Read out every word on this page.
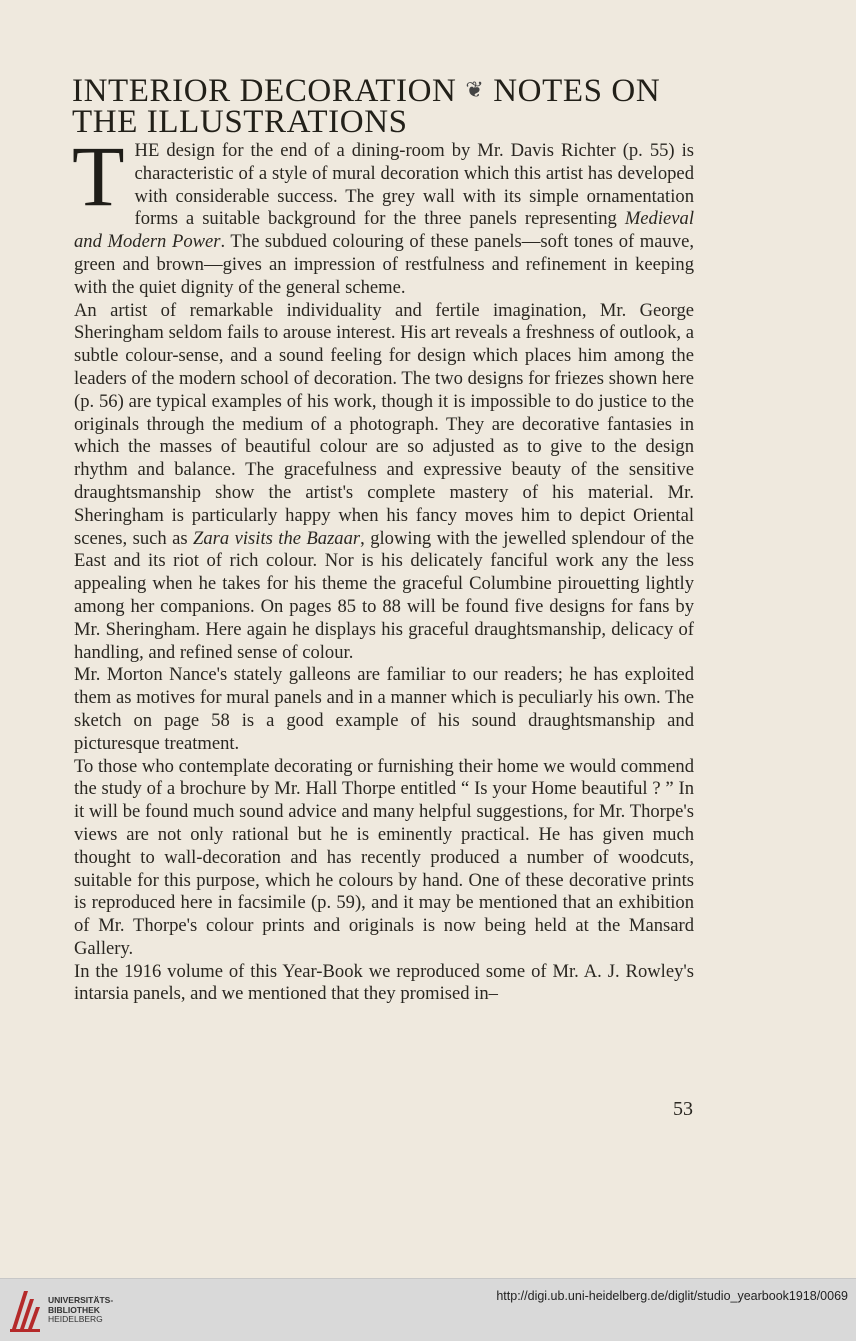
INTERIOR DECORATION ❦ NOTES ON THE ILLUSTRATIONS
T HE design for the end of a dining-room by Mr. Davis Richter (p. 55) is characteristic of a style of mural decoration which this artist has developed with considerable success. The grey wall with its simple ornamentation forms a suitable background for the three panels representing Medieval and Modern Power. The subdued colouring of these panels—soft tones of mauve, green and brown—gives an impression of restfulness and refinement in keeping with the quiet dignity of the general scheme.

An artist of remarkable individuality and fertile imagination, Mr. George Sheringham seldom fails to arouse interest. His art reveals a freshness of outlook, a subtle colour-sense, and a sound feeling for design which places him among the leaders of the modern school of decoration. The two designs for friezes shown here (p. 56) are typical examples of his work, though it is impossible to do justice to the originals through the medium of a photograph. They are decorative fantasies in which the masses of beautiful colour are so adjusted as to give to the design rhythm and balance. The gracefulness and expressive beauty of the sensitive draughtsmanship show the artist's complete mastery of his material. Mr. Sheringham is particularly happy when his fancy moves him to depict Oriental scenes, such as Zara visits the Bazaar, glowing with the jewelled splendour of the East and its riot of rich colour. Nor is his delicately fanciful work any the less appealing when he takes for his theme the graceful Columbine pirouetting lightly among her companions. On pages 85 to 88 will be found five designs for fans by Mr. Sheringham. Here again he displays his graceful draughtsmanship, delicacy of handling, and refined sense of colour.

Mr. Morton Nance's stately galleons are familiar to our readers; he has exploited them as motives for mural panels and in a manner which is peculiarly his own. The sketch on page 58 is a good example of his sound draughtsmanship and picturesque treatment.

To those who contemplate decorating or furnishing their home we would commend the study of a brochure by Mr. Hall Thorpe entitled “ Is your Home beautiful ? ” In it will be found much sound advice and many helpful suggestions, for Mr. Thorpe's views are not only rational but he is eminently practical. He has given much thought to wall-decoration and has recently produced a number of woodcuts, suitable for this purpose, which he colours by hand. One of these decorative prints is reproduced here in facsimile (p. 59), and it may be mentioned that an exhibition of Mr. Thorpe's colour prints and originals is now being held at the Mansard Gallery.

In the 1916 volume of this Year-Book we reproduced some of Mr. A. J. Rowley's intarsia panels, and we mentioned that they promised in–

53
UNIVERSITÄTS-
BIBLIOTHEK
HEIDELBERG
http://digi.ub.uni-heidelberg.de/diglit/studio_yearbook1918/0069
